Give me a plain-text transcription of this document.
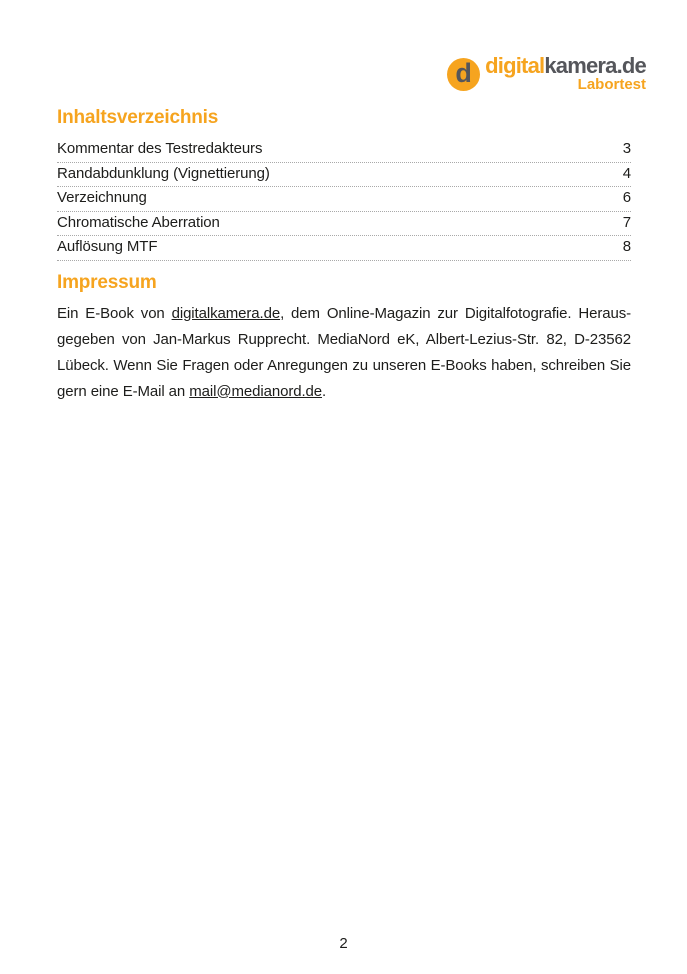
d digitalkamera.de
Labortest
Inhaltsverzeichnis
Kommentar des Testredakteurs	3
Randabdunklung (Vignettierung)	4
Verzeichnung	6
Chromatische Aberration	7
Auflösung MTF	8
Impressum
Ein E-Book von digitalkamera.de, dem Online-Magazin zur Digitalfotografie. Heraus-
gegeben von Jan-Markus Rupprecht. MediaNord eK, Albert-Lezius-Str. 82, D-23562
Lübeck. Wenn Sie Fragen oder Anregungen zu unseren E-Books haben, schreiben Sie
gern eine E-Mail an mail@medianord.de.
2
